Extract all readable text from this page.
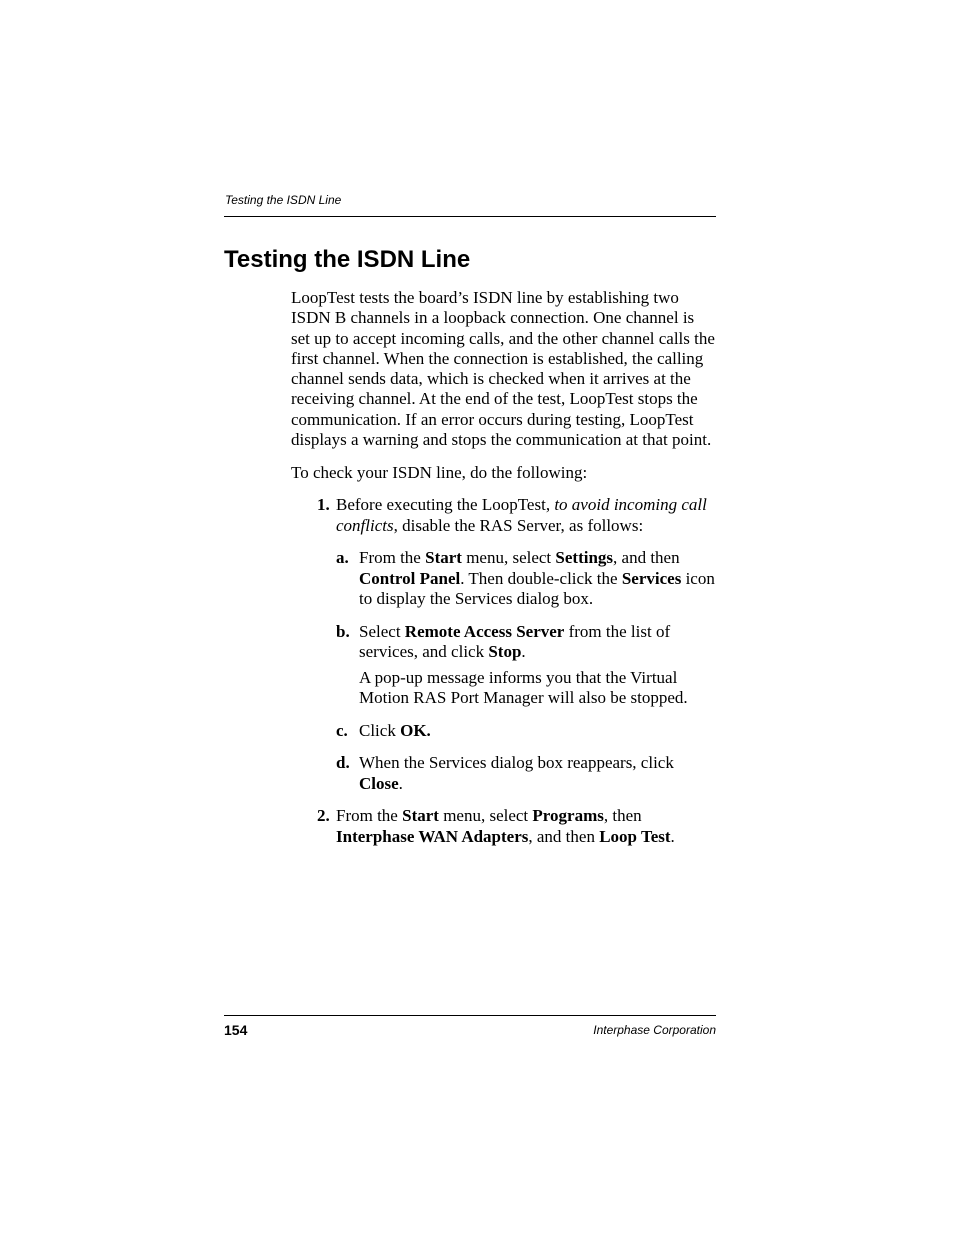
Testing the ISDN Line
Testing the ISDN Line

LoopTest tests the board’s ISDN line by establishing two ISDN B channels in a loopback connection. One channel is set up to accept incoming calls, and the other channel calls the first channel. When the connection is established, the calling channel sends data, which is checked when it arrives at the receiving channel. At the end of the test, LoopTest stops the communication. If an error occurs during testing, LoopTest displays a warning and stops the communication at that point.

To check your ISDN line, do the following:

1. Before executing the LoopTest, to avoid incoming call conflicts, disable the RAS Server, as follows:
a. From the Start menu, select Settings, and then Control Panel. Then double-click the Services icon to display the Services dialog box.
b. Select Remote Access Server from the list of services, and click Stop.
A pop-up message informs you that the Virtual Motion RAS Port Manager will also be stopped.
c. Click OK.
d. When the Services dialog box reappears, click Close.
2. From the Start menu, select Programs, then Interphase WAN Adapters, and then Loop Test.
154	Interphase Corporation
